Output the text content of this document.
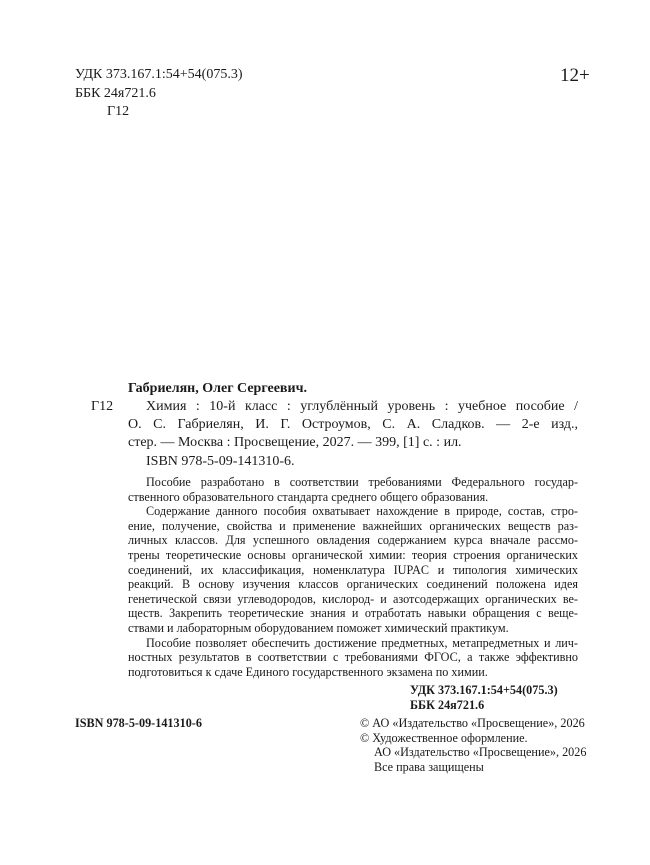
УДК 373.167.1:54+54(075.3)
ББК 24я721.6
Г12
12+
Габриелян, Олег Сергеевич.
Г12 Химия : 10-й класс : углублённый уровень : учебное пособие /
О. С. Габриелян, И. Г. Остроумов, С. А. Сладков. — 2-е изд.,
стер. — Москва : Просвещение, 2027. — 399, [1] с. : ил.
ISBN 978-5-09-141310-6.
Пособие разработано в соответствии требованиями Федерального государ-
ственного образовательного стандарта среднего общего образования.
Содержание данного пособия охватывает нахождение в природе, состав, стро-
ение, получение, свойства и применение важнейших органических веществ раз-
личных классов. Для успешного овладения содержанием курса вначале рассмо-
трены теоретические основы органической химии: теория строения органических
соединений, их классификация, номенклатура IUPAC и типология химических
реакций. В основу изучения классов органических соединений положена идея
генетической связи углеводородов, кислород- и азотсодержащих органических ве-
ществ. Закрепить теоретические знания и отработать навыки обращения с веще-
ствами и лабораторным оборудованием поможет химический практикум.
Пособие позволяет обеспечить достижение предметных, метапредметных и лич-
ностных результатов в соответствии с требованиями ФГОС, а также эффективно
подготовиться к сдаче Единого государственного экзамена по химии.
УДК 373.167.1:54+54(075.3)
ББК 24я721.6
ISBN 978-5-09-141310-6	© АО «Издательство «Просвещение», 2026
© Художественное оформление.
АО «Издательство «Просвещение», 2026
Все права защищены
